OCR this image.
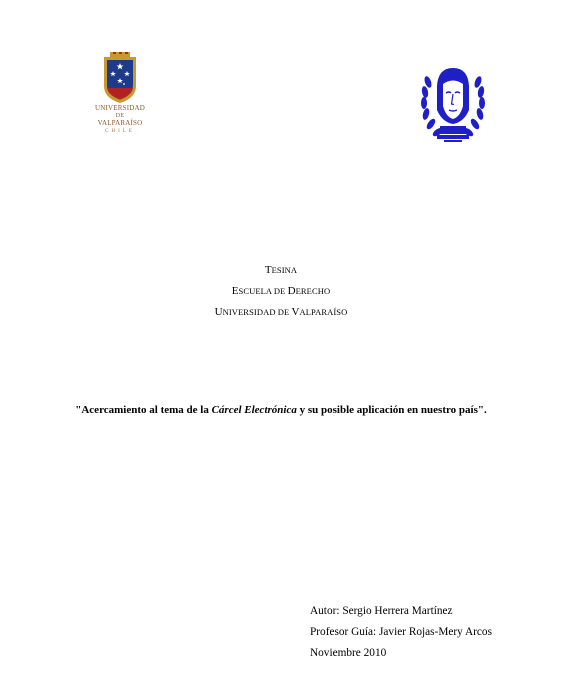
UNIVERSIDAD
DE
VALPARAÍSO
CHILE
TESINA
ESCUELA DE DERECHO
UNIVERSIDAD DE VALPARAÍSO
"Acercamiento al tema de la Cárcel Electrónica y su posible aplicación en nuestro país".
Autor: Sergio Herrera Martínez
Profesor Guía: Javier Rojas-Mery Arcos
Noviembre 2010
